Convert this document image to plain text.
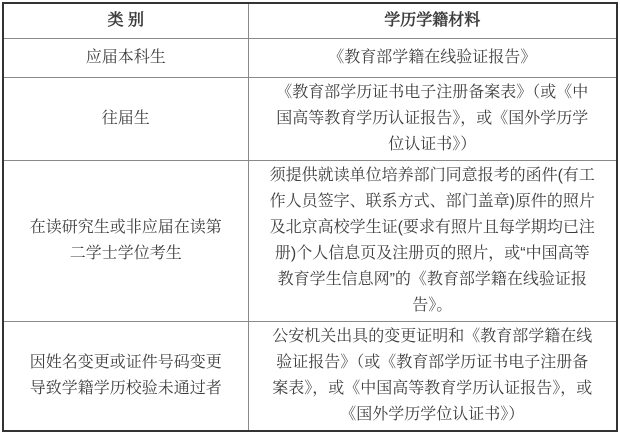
类 别	学历学籍材料
应届本科生	《教育部学籍在线验证报告》
往届生	《教育部学历证书电子注册备案表》（或《中国高等教育学历认证报告》，或《国外学历学位认证书》）
在读研究生或非应届在读第二学士学位考生	须提供就读单位培养部门同意报考的函件(有工作人员签字、联系方式、部门盖章)原件的照片及北京高校学生证(要求有照片且每学期均已注册)个人信息页及注册页的照片，或“中国高等教育学生信息网”的《教育部学籍在线验证报告》。
因姓名变更或证件号码变更导致学籍学历校验未通过者	公安机关出具的变更证明和《教育部学籍在线验证报告》（或《教育部学历证书电子注册备案表》，或《中国高等教育学历认证报告》，或《国外学历学位认证书》）
